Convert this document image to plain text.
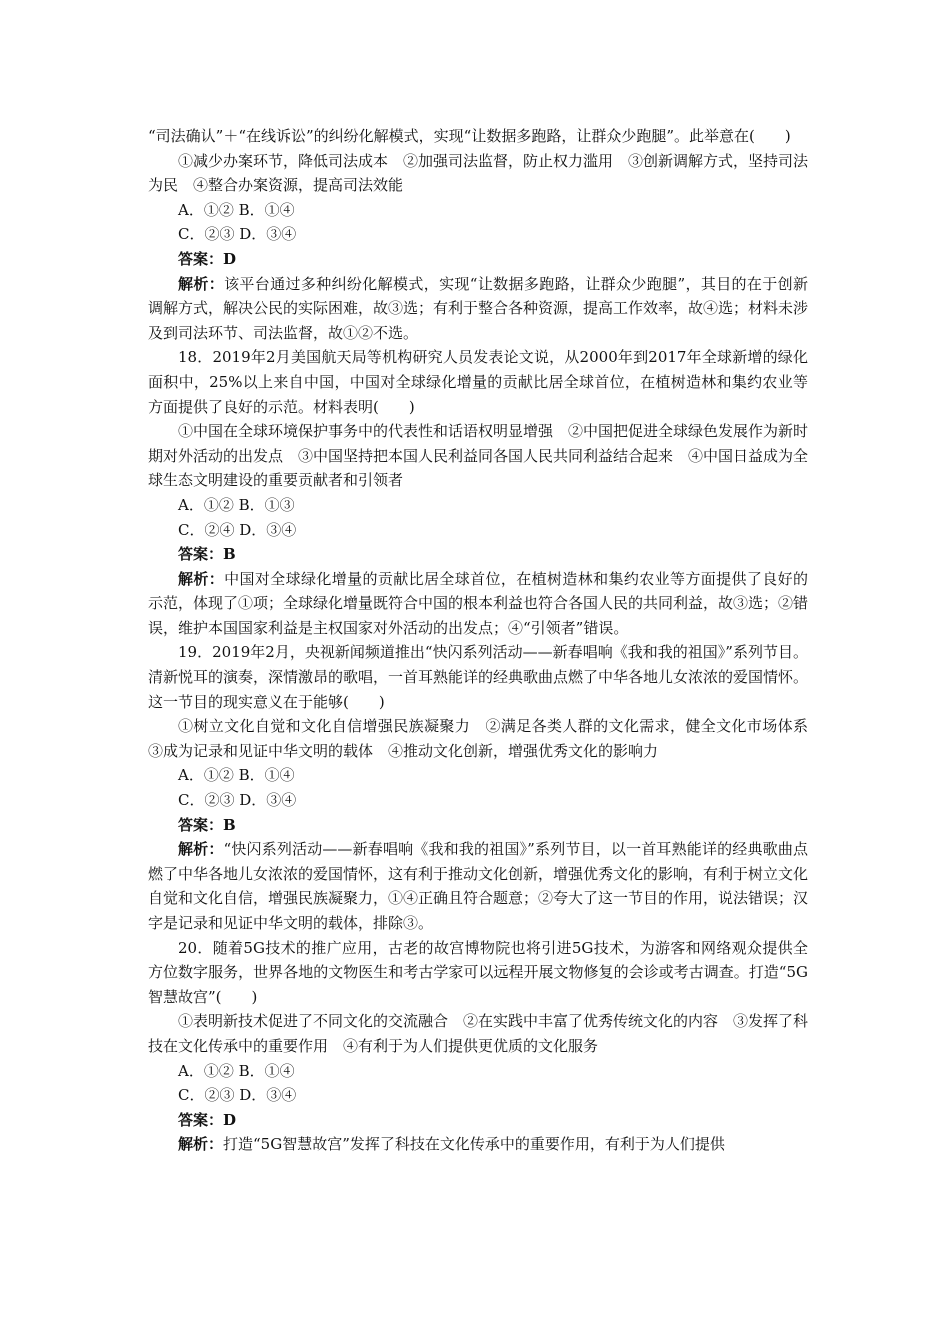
“司法确认”＋“在线诉讼”的纠纷化解模式，实现“让数据多跑路，让群众少跑腿”。此举意在(　　)

①减少办案环节，降低司法成本　②加强司法监督，防止权力滥用　③创新调解方式，坚持司法为民　④整合办案资源，提高司法效能

A．①② B．①④

C．②③ D．③④

答案：D

解析：该平台通过多种纠纷化解模式，实现“让数据多跑路，让群众少跑腿”，其目的在于创新调解方式，解决公民的实际困难，故③选；有利于整合各种资源，提高工作效率，故④选；材料未涉及到司法环节、司法监督，故①②不选。

18．2019年2月美国航天局等机构研究人员发表论文说，从2000年到2017年全球新增的绿化面积中，25%以上来自中国，中国对全球绿化增量的贡献比居全球首位，在植树造林和集约农业等方面提供了良好的示范。材料表明(　　)

①中国在全球环境保护事务中的代表性和话语权明显增强　②中国把促进全球绿色发展作为新时期对外活动的出发点　③中国坚持把本国人民利益同各国人民共同利益结合起来　④中国日益成为全球生态文明建设的重要贡献者和引领者

A．①② B．①③

C．②④ D．③④

答案：B

解析：中国对全球绿化增量的贡献比居全球首位，在植树造林和集约农业等方面提供了良好的示范，体现了①项；全球绿化增量既符合中国的根本利益也符合各国人民的共同利益，故③选；②错误，维护本国国家利益是主权国家对外活动的出发点；④“引领者”错误。

19．2019年2月，央视新闻频道推出“快闪系列活动——新春唱响《我和我的祖国》”系列节目。清新悦耳的演奏，深情激昂的歌唱，一首耳熟能详的经典歌曲点燃了中华各地儿女浓浓的爱国情怀。这一节目的现实意义在于能够(　　)

①树立文化自觉和文化自信增强民族凝聚力　②满足各类人群的文化需求，健全文化市场体系　③成为记录和见证中华文明的载体　④推动文化创新，增强优秀文化的影响力

A．①② B．①④

C．②③ D．③④

答案：B

解析：“快闪系列活动——新春唱响《我和我的祖国》”系列节目，以一首耳熟能详的经典歌曲点燃了中华各地儿女浓浓的爱国情怀，这有利于推动文化创新，增强优秀文化的影响，有利于树立文化自觉和文化自信，增强民族凝聚力，①④正确且符合题意；②夸大了这一节目的作用，说法错误；汉字是记录和见证中华文明的载体，排除③。

20．随着5G技术的推广应用，古老的故宫博物院也将引进5G技术，为游客和网络观众提供全方位数字服务，世界各地的文物医生和考古学家可以远程开展文物修复的会诊或考古调查。打造“5G智慧故宫”(　　)

①表明新技术促进了不同文化的交流融合　②在实践中丰富了优秀传统文化的内容　③发挥了科技在文化传承中的重要作用　④有利于为人们提供更优质的文化服务

A．①② B．①④

C．②③ D．③④

答案：D

解析：打造“5G智慧故宫”发挥了科技在文化传承中的重要作用，有利于为人们提供
